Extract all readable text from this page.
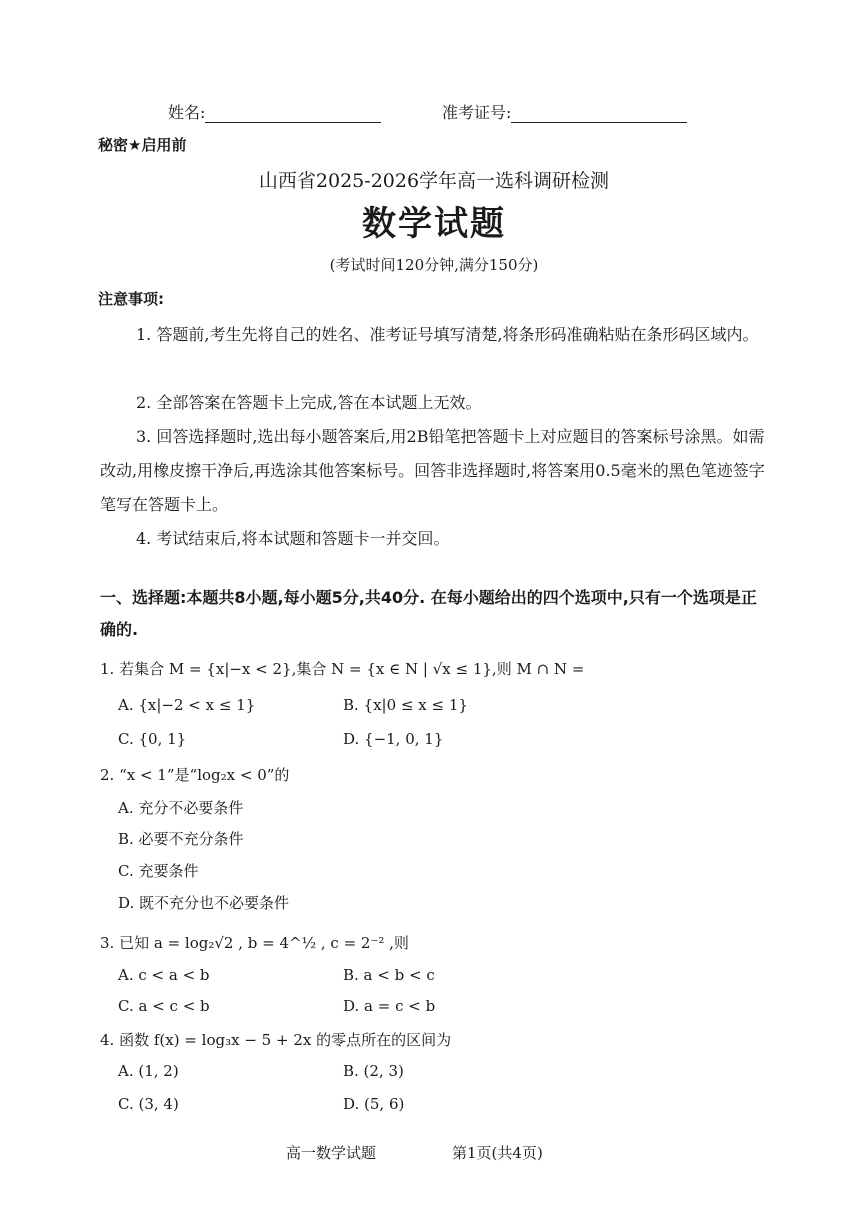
姓名:	准考证号:
秘密★启用前
山西省2025-2026学年高一选科调研检测
数学试题
(考试时间120分钟,满分150分)
注意事项:
1. 答题前,考生先将自己的姓名、准考证号填写清楚,将条形码准确粘贴在条形码区域内。
2. 全部答案在答题卡上完成,答在本试题上无效。
3. 回答选择题时,选出每小题答案后,用2B铅笔把答题卡上对应题目的答案标号涂黑。如需改动,用橡皮擦干净后,再选涂其他答案标号。回答非选择题时,将答案用0.5毫米的黑色笔迹签字笔写在答题卡上。
4. 考试结束后,将本试题和答题卡一并交回。
一、选择题:本题共8小题,每小题5分,共40分. 在每小题给出的四个选项中,只有一个选项是正确的.
1. 若集合 M = {x|−x < 2},集合 N = {x ∈ N | √x ≤ 1},则 M ∩ N =
A. {x|−2 < x ≤ 1}	B. {x|0 ≤ x ≤ 1}
C. {0, 1}	D. {−1, 0, 1}
2. “x < 1”是“log₂x < 0”的
A. 充分不必要条件
B. 必要不充分条件
C. 充要条件
D. 既不充分也不必要条件
3. 已知 a = log₂√2 , b = 4^½ , c = 2⁻² ,则
A. c < a < b	B. a < b < c
C. a < c < b	D. a = c < b
4. 函数 f(x) = log₃x − 5 + 2x 的零点所在的区间为
A. (1, 2)	B. (2, 3)
C. (3, 4)	D. (5, 6)
高一数学试题	第1页(共4页)
